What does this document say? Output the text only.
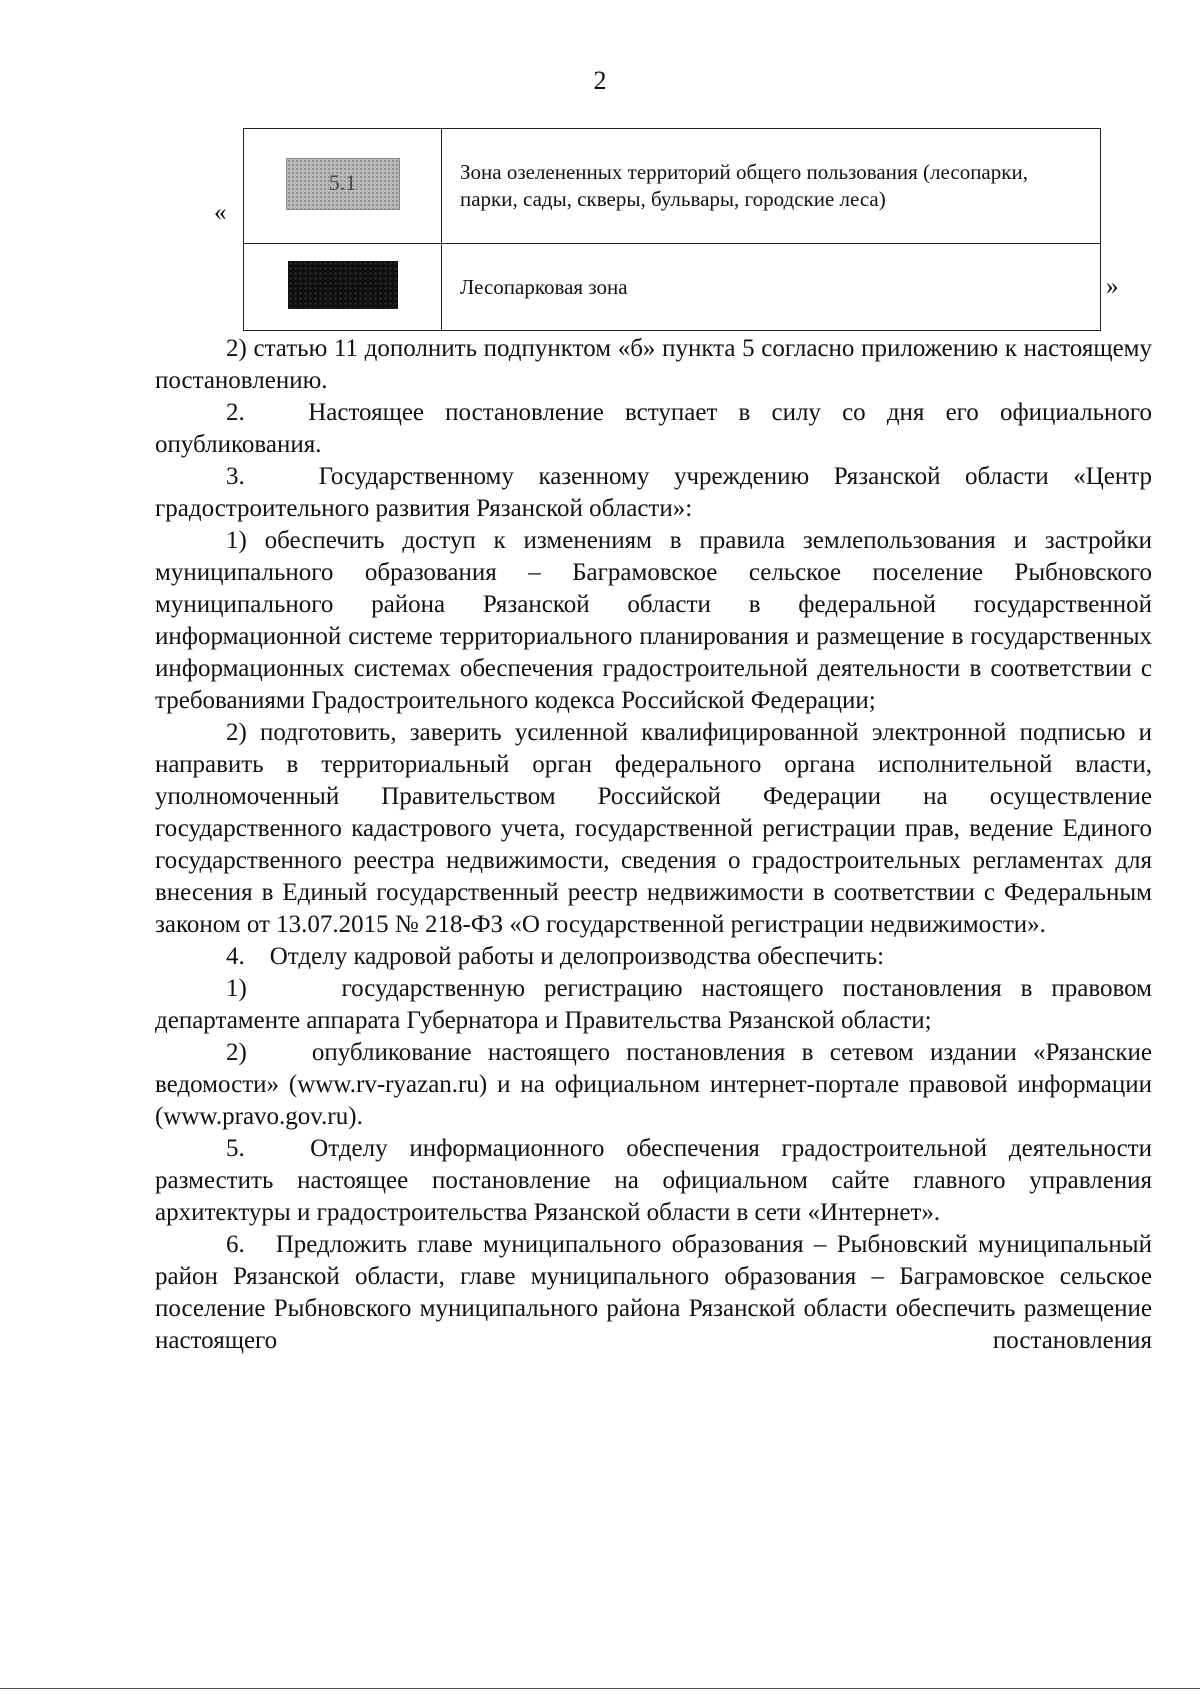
2
«
5.1	Зона озелененных территорий общего пользования (лесопарки, парки, сады, скверы, бульвары, городские леса)
	Лесопарковая зона	»

2) статью 11 дополнить подпунктом «б» пункта 5 согласно приложению к настоящему постановлению.

2.   Настоящее постановление вступает в силу со дня его официального опубликования.

3.   Государственному казенному учреждению Рязанской области «Центр градостроительного развития Рязанской области»:

1) обеспечить доступ к изменениям в правила землепользования и застройки муниципального образования – Баграмовское сельское поселение Рыбновского муниципального района Рязанской области в федеральной государственной информационной системе территориального планирования и размещение в государственных информационных системах обеспечения градостроительной деятельности в соответствии с требованиями Градостроительного кодекса Российской Федерации;

2) подготовить, заверить усиленной квалифицированной электронной подписью и направить в территориальный орган федерального органа исполнительной власти, уполномоченный Правительством Российской Федерации на осуществление государственного кадастрового учета, государственной регистрации прав, ведение Единого государственного реестра недвижимости, сведения о градостроительных регламентах для внесения в Единый государственный реестр недвижимости в соответствии с Федеральным законом от 13.07.2015 № 218-ФЗ «О государственной регистрации недвижимости».

4.    Отделу кадровой работы и делопроизводства обеспечить:

1)     государственную регистрацию настоящего постановления в правовом департаменте аппарата Губернатора и Правительства Рязанской области;

2)    опубликование настоящего постановления в сетевом издании «Рязанские ведомости» (www.rv-ryazan.ru) и на официальном интернет-портале правовой информации (www.pravo.gov.ru).

5.   Отделу информационного обеспечения градостроительной деятельности разместить настоящее постановление на официальном сайте главного управления архитектуры и градостроительства Рязанской области в сети «Интернет».

6.   Предложить главе муниципального образования – Рыбновский муниципальный район Рязанской области, главе муниципального образования – Баграмовское сельское поселение Рыбновского муниципального района Рязанской области обеспечить размещение настоящего постановления
